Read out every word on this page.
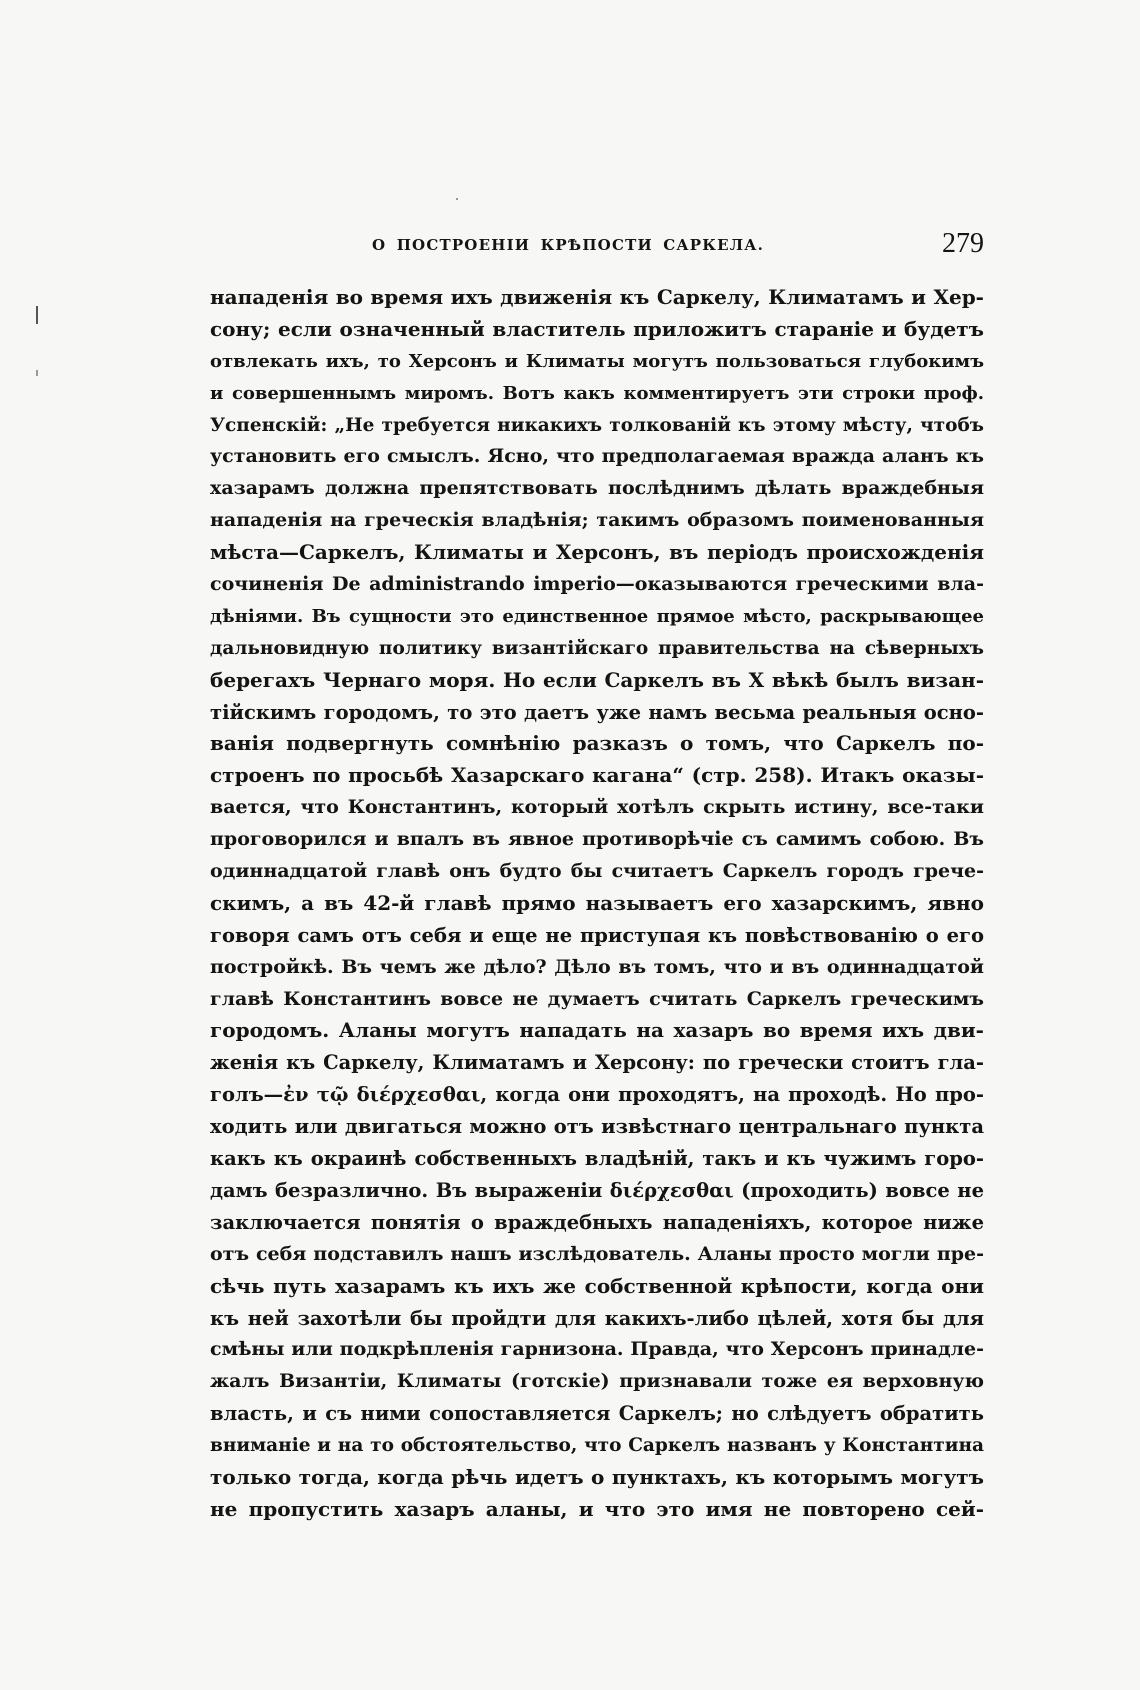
О ПОСТРОЕНІИ КРѢПОСТИ САРКЕЛА.	279
нападенія во время ихъ движенія къ Саркелу, Климатамъ и Хер-
сону; если означенный властитель приложитъ стараніе и будетъ
отвлекать ихъ, то Херсонъ и Климаты могутъ пользоваться глубокимъ
и совершеннымъ миромъ. Вотъ какъ комментируетъ эти строки проф.
Успенскій: „Не требуется никакихъ толкованій къ этому мѣсту, чтобъ
установить его смыслъ. Ясно, что предполагаемая вражда аланъ къ
хазарамъ должна препятствовать послѣднимъ дѣлать враждебныя
нападенія на греческія владѣнія; такимъ образомъ поименованныя
мѣста—Саркелъ, Климаты и Херсонъ, въ періодъ происхожденія
сочиненія De administrando imperio—оказываются греческими вла-
дѣніями. Въ сущности это единственное прямое мѣсто, раскрывающее
дальновидную политику византійскаго правительства на сѣверныхъ
берегахъ Чернаго моря. Но если Саркелъ въ X вѣкѣ былъ визан-
тійскимъ городомъ, то это даетъ уже намъ весьма реальныя осно-
ванія подвергнуть сомнѣнію разказъ о томъ, что Саркелъ по-
строенъ по просьбѣ Хазарскаго кагана“ (стр. 258). Итакъ оказы-
вается, что Константинъ, который хотѣлъ скрыть истину, все-таки
проговорился и впалъ въ явное противорѣчіе съ самимъ собою. Въ
одиннадцатой главѣ онъ будто бы считаетъ Саркелъ городъ грече-
скимъ, а въ 42-й главѣ прямо называетъ его хазарскимъ, явно
говоря самъ отъ себя и еще не приступая къ повѣствованію о его
постройкѣ. Въ чемъ же дѣло? Дѣло въ томъ, что и въ одиннадцатой
главѣ Константинъ вовсе не думаетъ считать Саркелъ греческимъ
городомъ. Аланы могутъ нападать на хазаръ во время ихъ дви-
женія къ Саркелу, Климатамъ и Херсону: по гречески стоитъ гла-
голъ—ἐν τῷ διέρχεσθαι, когда они проходятъ, на проходѣ. Но про-
ходить или двигаться можно отъ извѣстнаго центральнаго пункта
какъ къ окраинѣ собственныхъ владѣній, такъ и къ чужимъ горо-
дамъ безразлично. Въ выраженіи διέρχεσθαι (проходить) вовсе не
заключается понятія о враждебныхъ нападеніяхъ, которое ниже
отъ себя подставилъ нашъ изслѣдователь. Аланы просто могли пре-
сѣчь путь хазарамъ къ ихъ же собственной крѣпости, когда они
къ ней захотѣли бы пройдти для какихъ-либо цѣлей, хотя бы для
смѣны или подкрѣпленія гарнизона. Правда, что Херсонъ принадле-
жалъ Византіи, Климаты (готскіе) признавали тоже ея верховную
власть, и съ ними сопоставляется Саркелъ; но слѣдуетъ обратить
вниманіе и на то обстоятельство, что Саркелъ названъ у Константина
только тогда, когда рѣчь идетъ о пунктахъ, къ которымъ могутъ
не пропустить хазаръ аланы, и что это имя не повторено сей-
